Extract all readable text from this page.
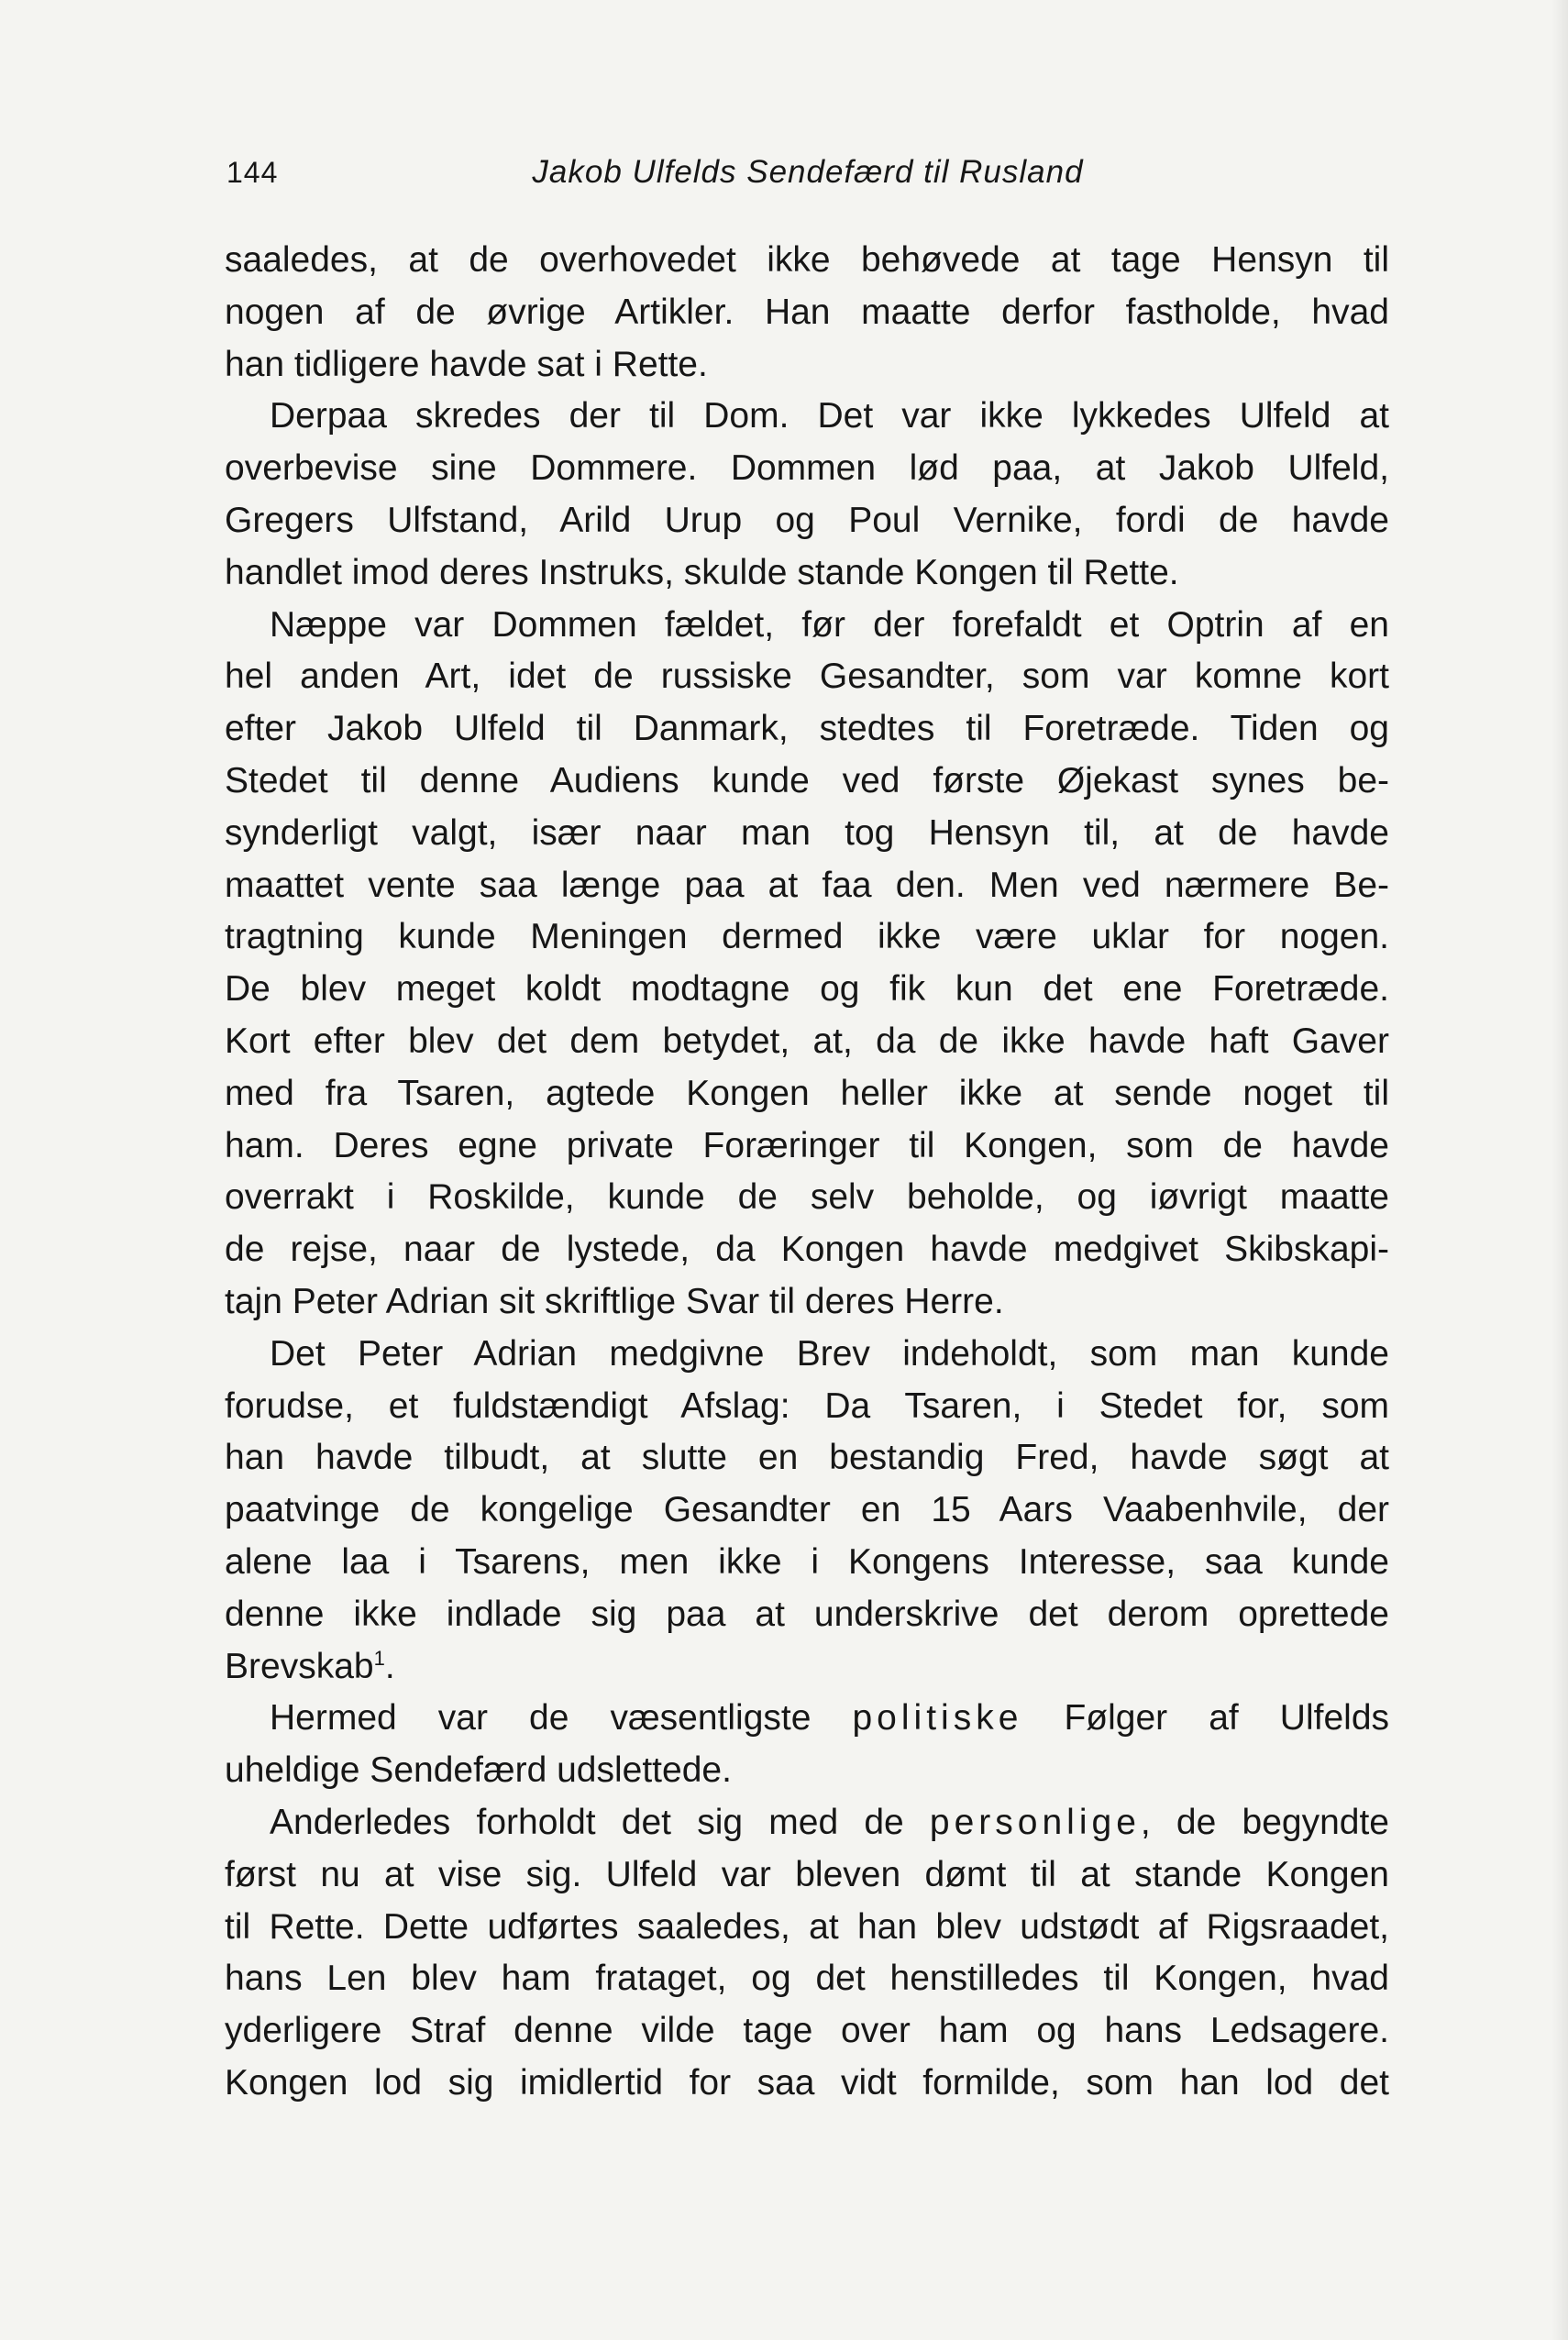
144	Jakob Ulfelds Sendefærd til Rusland
saaledes, at de overhovedet ikke behøvede at tage Hensyn til
nogen af de øvrige Artikler. Han maatte derfor fastholde, hvad
han tidligere havde sat i Rette.
Derpaa skredes der til Dom. Det var ikke lykkedes Ulfeld at
overbevise sine Dommere. Dommen lød paa, at Jakob Ulfeld,
Gregers Ulfstand, Arild Urup og Poul Vernike, fordi de havde
handlet imod deres Instruks, skulde stande Kongen til Rette.
Næppe var Dommen fældet, før der forefaldt et Optrin af en
hel anden Art, idet de russiske Gesandter, som var komne kort
efter Jakob Ulfeld til Danmark, stedtes til Foretræde. Tiden og
Stedet til denne Audiens kunde ved første Øjekast synes be-
synderligt valgt, især naar man tog Hensyn til, at de havde
maattet vente saa længe paa at faa den. Men ved nærmere Be-
tragtning kunde Meningen dermed ikke være uklar for nogen.
De blev meget koldt modtagne og fik kun det ene Foretræde.
Kort efter blev det dem betydet, at, da de ikke havde haft Gaver
med fra Tsaren, agtede Kongen heller ikke at sende noget til
ham. Deres egne private Foræringer til Kongen, som de havde
overrakt i Roskilde, kunde de selv beholde, og iøvrigt maatte
de rejse, naar de lystede, da Kongen havde medgivet Skibskapi-
tajn Peter Adrian sit skriftlige Svar til deres Herre.
Det Peter Adrian medgivne Brev indeholdt, som man kunde
forudse, et fuldstændigt Afslag: Da Tsaren, i Stedet for, som
han havde tilbudt, at slutte en bestandig Fred, havde søgt at
paatvinge de kongelige Gesandter en 15 Aars Vaabenhvile, der
alene laa i Tsarens, men ikke i Kongens Interesse, saa kunde
denne ikke indlade sig paa at underskrive det derom oprettede
Brevskab$^1$.
Hermed var de væsentligste politiske Følger af Ulfelds
uheldige Sendefærd udslettede.
Anderledes forholdt det sig med de personlige, de begyndte
først nu at vise sig. Ulfeld var bleven dømt til at stande Kongen
til Rette. Dette udførtes saaledes, at han blev udstødt af Rigsraadet,
hans Len blev ham frataget, og det henstilledes til Kongen, hvad
yderligere Straf denne vilde tage over ham og hans Ledsagere.
Kongen lod sig imidlertid for saa vidt formilde, som han lod det
